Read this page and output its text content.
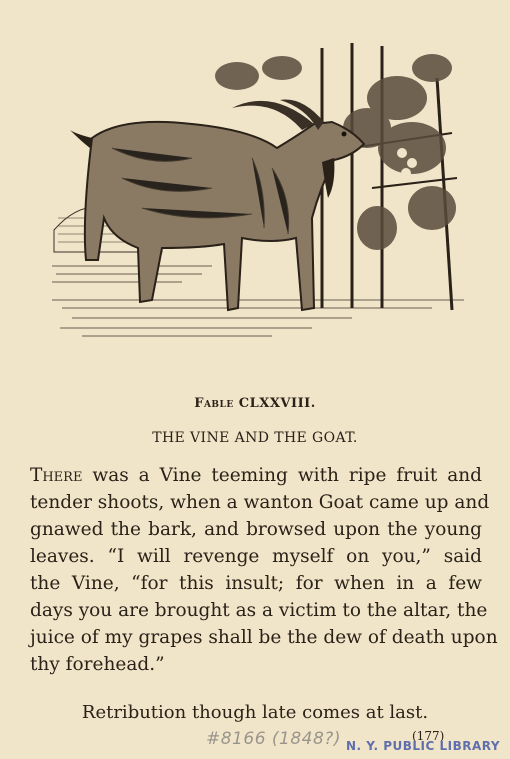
Fable CLXXVIII.
THE VINE AND THE GOAT.
There was a Vine teeming with ripe fruit and
tender shoots, when a wanton Goat came up and
gnawed the bark, and browsed upon the young
leaves. “I will revenge myself on you,” said
the Vine, “for this insult; for when in a few
days you are brought as a victim to the altar, the
juice of my grapes shall be the dew of death upon
thy forehead.”
Retribution though late comes at last.
#8166 (1848?)	(177)
N. Y. PUBLIC LIBRARY
